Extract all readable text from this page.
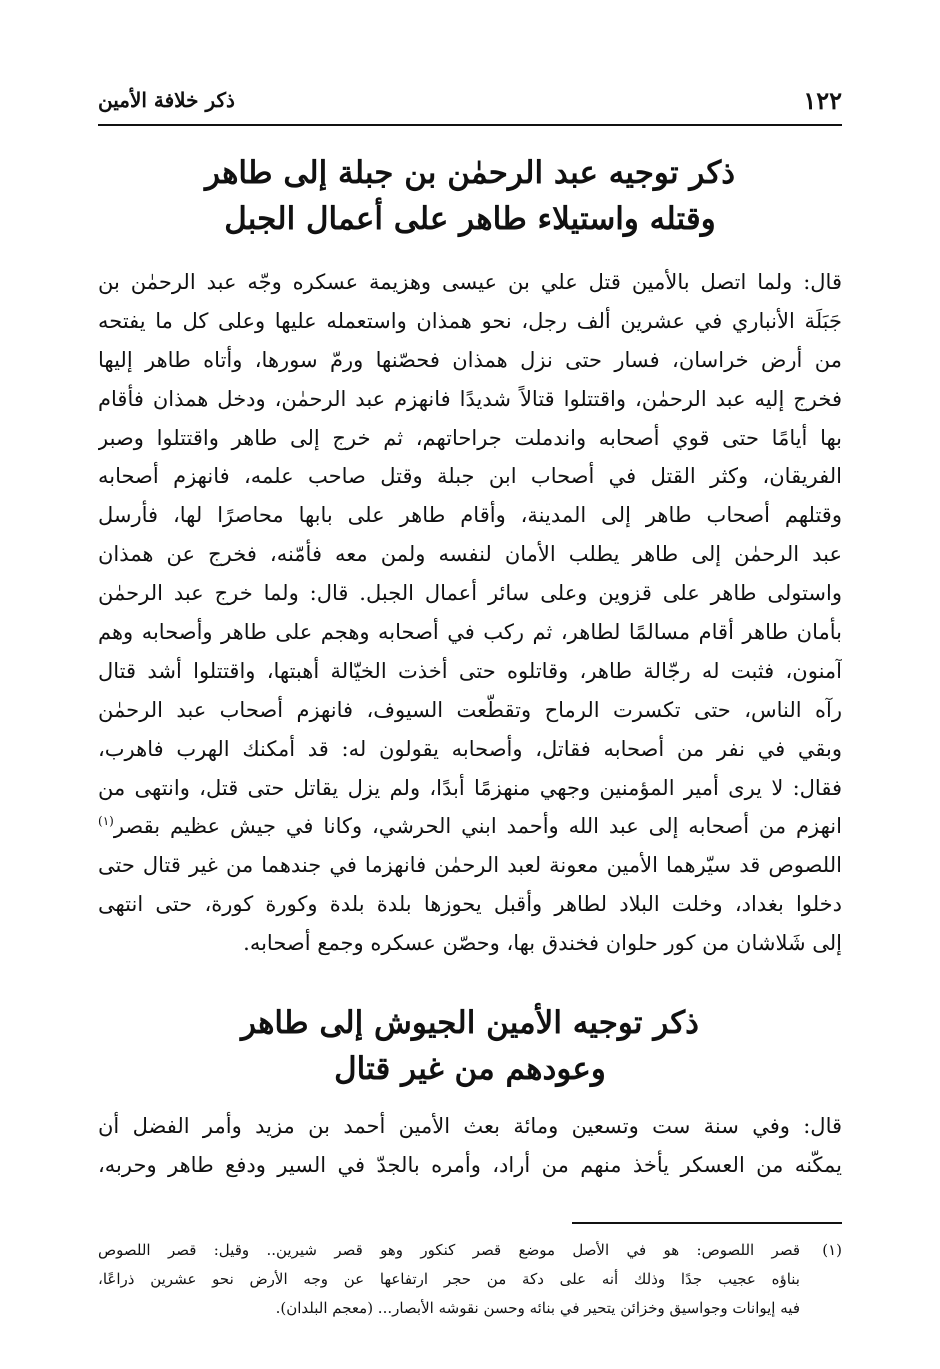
١٢٢
ذكر خلافة الأمين
ذكر توجيه عبد الرحمٰن بن جبلة إلى طاهر
وقتله واستيلاء طاهر على أعمال الجبل
قال: ولما اتصل بالأمين قتل علي بن عيسى وهزيمة عسكره وجّه عبد الرحمٰن بن
جَبَلَة الأنباري في عشرين ألف رجل، نحو همذان واستعمله عليها وعلى كل ما يفتحه
من أرض خراسان، فسار حتى نزل همذان فحصّنها ورمّ سورها، وأتاه طاهر إليها
فخرج إليه عبد الرحمٰن، واقتتلوا قتالاً شديدًا فانهزم عبد الرحمٰن، ودخل همذان فأقام
بها أيامًا حتى قوي أصحابه واندملت جراحاتهم، ثم خرج إلى طاهر واقتتلوا وصبر
الفريقان، وكثر القتل في أصحاب ابن جبلة وقتل صاحب علمه، فانهزم أصحابه
وقتلهم أصحاب طاهر إلى المدينة، وأقام طاهر على بابها محاصرًا لها، فأرسل
عبد الرحمٰن إلى طاهر يطلب الأمان لنفسه ولمن معه فأمّنه، فخرج عن همذان
واستولى طاهر على قزوين وعلى سائر أعمال الجبل. قال: ولما خرج عبد الرحمٰن
بأمان طاهر أقام مسالمًا لطاهر، ثم ركب في أصحابه وهجم على طاهر وأصحابه وهم
آمنون، فثبت له رجّالة طاهر، وقاتلوه حتى أخذت الخيّالة أهبتها، واقتتلوا أشد قتال
رآه الناس، حتى تكسرت الرماح وتقطّعت السيوف، فانهزم أصحاب عبد الرحمٰن
وبقي في نفر من أصحابه فقاتل، وأصحابه يقولون له: قد أمكنك الهرب فاهرب،
فقال: لا يرى أمير المؤمنين وجهي منهزمًا أبدًا، ولم يزل يقاتل حتى قتل، وانتهى من
انهزم من أصحابه إلى عبد الله وأحمد ابني الحرشي، وكانا في جيش عظيم بقصر$^{(١)}$
اللصوص قد سيّرهما الأمين معونة لعبد الرحمٰن فانهزما في جندهما من غير قتال حتى
دخلوا بغداد، وخلت البلاد لطاهر وأقبل يحوزها بلدة بلدة وكورة كورة، حتى انتهى
إلى شَلاشان من كور حلوان فخندق بها، وحصّن عسكره وجمع أصحابه.
ذكر توجيه الأمين الجيوش إلى طاهر
وعودهم من غير قتال
قال: وفي سنة ست وتسعين ومائة بعث الأمين أحمد بن مزيد وأمر الفضل أن
يمكّنه من العسكر يأخذ منهم من أراد، وأمره بالجدّ في السير ودفع طاهر وحربه،
(١)
قصر اللصوص: هو في الأصل موضع قصر كنكور وهو قصر شيرين.. وقيل: قصر اللصوص
بناؤه عجيب جدًا وذلك أنه على دكة من حجر ارتفاعها عن وجه الأرض نحو عشرين ذراعًا،
فيه إيوانات وجواسيق وخزائن يتحير في بنائه وحسن نقوشه الأبصار... (معجم البلدان).
